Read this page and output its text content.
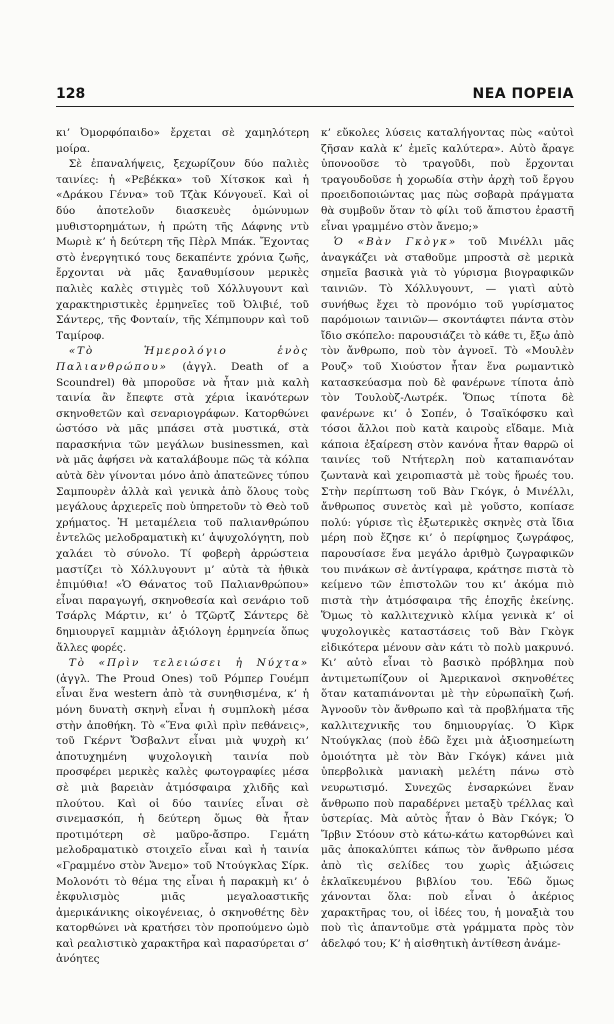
128	ΝΕΑ ΠΟΡΕΙΑ

κι’ Ὀμορφόπαιδο» ἔρχεται σὲ χαμηλότερη μοίρα.

Σὲ ἐπαναλήψεις, ξεχωρίζουν δύο παλιὲς ταινίες: ἡ «Ρεβέκκα» τοῦ Χίτσκοκ καὶ ἡ «Δράκου Γέννα» τοῦ Τζὰκ Κόνγουεϊ. Καὶ οἱ δύο ἀποτελοῦν διασκευὲς ὁμώνυμων μυθιστορημάτων, ἡ πρώτη τῆς Δάφνης ντὺ Μωριὲ κ’ ἡ δεύτερη τῆς Πὲρλ Μπάκ. Ἔχοντας στὸ ἐνεργητικό τους δεκαπέντε χρόνια ζωῆς, ἔρχονται νὰ μᾶς ξαναθυμίσουν μερικὲς παλιὲς καλὲς στιγμὲς τοῦ Χόλλυγουντ καὶ χαρακτηριστικὲς ἑρμηνεῖες τοῦ Ὀλιβιέ, τοῦ Σάντερς, τῆς Φονταίν, τῆς Χέπμπουρν καὶ τοῦ Ταμίροφ.

«Τὸ Ἡμερολόγιο ἑνὸς Παλιανθρώπου» (ἀγγλ. Death of a Scoundrel) θὰ μποροῦσε νὰ ἦταν μιὰ καλὴ ταινία ἂν ἔπεφτε στὰ χέρια ἱκανότερων σκηνοθετῶν καὶ σεναριογράφων. Κατορθώνει ὡστόσο νὰ μᾶς μπάσει στὰ μυστικά, στὰ παρασκήνια τῶν μεγάλων businessmen, καὶ νὰ μᾶς ἀφήσει νὰ καταλάβουμε πῶς τὰ κόλπα αὐτὰ δὲν γίνονται μόνο ἀπὸ ἀπατεῶνες τύπου Σαμπουρὲν ἀλλὰ καὶ γενικὰ ἀπὸ ὅλους τοὺς μεγάλους ἀρχιερεῖς ποὺ ὑπηρετοῦν τὸ Θεὸ τοῦ χρήματος. Ἡ μεταμέλεια τοῦ παλιανθρώπου ἐντελῶς μελοδραματικὴ κι’ ἀψυχολόγητη, ποὺ χαλάει τὸ σύνολο. Τί φοβερὴ ἀρρώστεια μαστίζει τὸ Χόλλυγουντ μ’ αὐτὰ τὰ ἠθικὰ ἐπιμύθια! «Ὁ Θάνατος τοῦ Παλιανθρώπου» εἶναι παραγωγή, σκηνοθεσία καὶ σενάριο τοῦ Τσάρλς Μάρτιν, κι’ ὁ Τζῶρτζ Σάντερς δὲ δημιουργεῖ καμμιὰν ἀξιόλογη ἑρμηνεία ὅπως ἄλλες φορές.

Τὸ «Πρὶν τελειώσει ἡ Νύχτα» (ἀγγλ. The Proud Ones) τοῦ Ρόμπερ Γουέμπ εἶναι ἕνα western ἀπὸ τὰ συνηθισμένα, κ’ ἡ μόνη δυνατὴ σκηνὴ εἶναι ἡ συμπλοκὴ μέσα στὴν ἀποθήκη. Τὸ «Ἕνα φιλὶ πρὶν πεθάνεις», τοῦ Γκέρντ Ὄσβαλντ εἶναι μιὰ ψυχρὴ κι’ ἀποτυχημένη ψυχολογικὴ ταινία ποὺ προσφέρει μερικὲς καλὲς φωτογραφίες μέσα σὲ μιὰ βαρειὰν ἀτμόσφαιρα χλιδῆς καὶ πλούτου. Καὶ οἱ δύο ταινίες εἶναι σὲ σινεμασκόπ, ἡ δεύτερη ὅμως θὰ ἦταν προτιμότερη σὲ μαῦρο-ἄσπρο. Γεμάτη μελοδραματικὸ στοιχεῖο εἶναι καὶ ἡ ταινία «Γραμμένο στὸν Ἄνεμο» τοῦ Ντούγκλας Σίρκ. Μολονότι τὸ θέμα της εἶναι ἡ παρακμὴ κι’ ὁ ἐκφυλισμὸς μιᾶς μεγαλοαστικῆς ἀμερικάνικης οἰκογένειας, ὁ σκηνοθέτης δὲν κατορθώνει νὰ κρατήσει τὸν προπούμενο ὠμὸ καὶ ρεαλιστικὸ χαρακτῆρα καὶ παρασύρεται σ’ ἀνόητες

κ’ εὔκολες λύσεις καταλήγοντας πὼς «αὐτοὶ ζῆσαν καλὰ κ’ ἐμεῖς καλύτερα». Αὐτὸ ἄραγε ὑπονοοῦσε τὸ τραγοῦδι, ποὺ ἔρχονται τραγουδοῦσε ἡ χορωδία στὴν ἀρχὴ τοῦ ἔργου προειδοποιώντας μας πὼς σοβαρὰ πράγματα θὰ συμβοῦν ὅταν τὸ φίλι τοῦ ἄπιστου ἐραστῆ εἶναι γραμμένο στὸν ἄνεμο;»

Ὁ «Βὰν Γκὸγκ» τοῦ Μινέλλι μᾶς ἀναγκάζει νὰ σταθοῦμε μπροστὰ σὲ μερικὰ σημεῖα βασικὰ γιὰ τὸ γύρισμα βιογραφικῶν ταινιῶν. Τὸ Χόλλυγουντ, — γιατὶ αὐτὸ συνήθως ἔχει τὸ προνόμιο τοῦ γυρίσματος παρόμοιων ταινιῶν— σκοντάφτει πάντα στὸν ἴδιο σκόπελο: παρουσιάζει τὸ κάθε τι, ἔξω ἀπὸ τὸν ἄνθρωπο, ποὺ τὸν ἀγνοεῖ. Τὸ «Μουλὲν Ρουζ» τοῦ Χιούστον ἦταν ἕνα ρωμαντικὸ κατασκεύασμα ποὺ δὲ φανέρωνε τίποτα ἀπὸ τὸν Τουλοὺζ-Λωτρέκ. Ὅπως τίποτα δὲ φανέρωνε κι’ ὁ Σοπέν, ὁ Τσαϊκόφσκυ καὶ τόσοι ἄλλοι ποὺ κατὰ καιροὺς εἴδαμε. Μιὰ κάποια ἐξαίρεση στὸν κανόνα ἦταν θαρρῶ οἱ ταινίες τοῦ Ντήτερλη ποὺ καταπιανόταν ζωντανὰ καὶ χειροπιαστὰ μὲ τοὺς ἥρωές του. Στὴν περίπτωση τοῦ Βὰν Γκόγκ, ὁ Μινέλλι, ἄνθρωπος συνετὸς καὶ μὲ γοῦστο, κοπίασε πολύ: γύρισε τὶς ἐξωτερικὲς σκηνὲς στὰ ἴδια μέρη ποὺ ἔζησε κι’ ὁ περίφημος ζωγράφος, παρουσίασε ἕνα μεγάλο ἀριθμὸ ζωγραφικῶν του πινάκων σὲ ἀντίγραφα, κράτησε πιστὰ τὸ κείμενο τῶν ἐπιστολῶν του κι’ ἀκόμα πιὸ πιστὰ τὴν ἀτμόσφαιρα τῆς ἐποχῆς ἐκείνης. Ὅμως τὸ καλλιτεχνικὸ κλίμα γενικὰ κ’ οἱ ψυχολογικὲς καταστάσεις τοῦ Βὰν Γκὸγκ εἰδικότερα μένουν σὰν κάτι τὸ πολὺ μακρυνό. Κι’ αὐτὸ εἶναι τὸ βασικὸ πρόβλημα ποὺ ἀντιμετωπίζουν οἱ Ἀμερικανοὶ σκηνοθέτες ὅταν καταπιάνονται μὲ τὴν εὐρωπαϊκὴ ζωή. Ἀγνοοῦν τὸν ἄνθρωπο καὶ τὰ προβλήματα τῆς καλλιτεχνικῆς του δημιουργίας. Ὁ Κὶρκ Ντούγκλας (ποὺ ἐδῶ ἔχει μιὰ ἀξιοσημείωτη ὁμοιότητα μὲ τὸν Βὰν Γκόγκ) κάνει μιὰ ὑπερβολικὰ μανιακὴ μελέτη πάνω στὸ νευρωτισμό. Συνεχῶς ἐνσαρκώνει ἕναν ἄνθρωπο ποὺ παραδέρνει μεταξὺ τρέλλας καὶ ὑστερίας. Μὰ αὐτὸς ἦταν ὁ Βὰν Γκόγκ; Ὁ Ἴρβιν Στόουν στὸ κάτω-κάτω κατορθώνει καὶ μᾶς ἀποκαλύπτει κάπως τὸν ἄνθρωπο μέσα ἀπὸ τὶς σελίδες του χωρὶς ἀξιώσεις ἐκλαϊκευμένου βιβλίου του. Ἐδῶ ὅμως χάνονται ὅλα: ποὺ εἶναι ὁ ἀκέριος χαρακτῆρας του, οἱ ἰδέες του, ἡ μοναξιὰ του ποὺ τὶς ἀπαντοῦμε στὰ γράμματα πρὸς τὸν ἀδελφό του; Κ’ ἡ αἰσθητικὴ ἀντίθεση ἀνάμε-
